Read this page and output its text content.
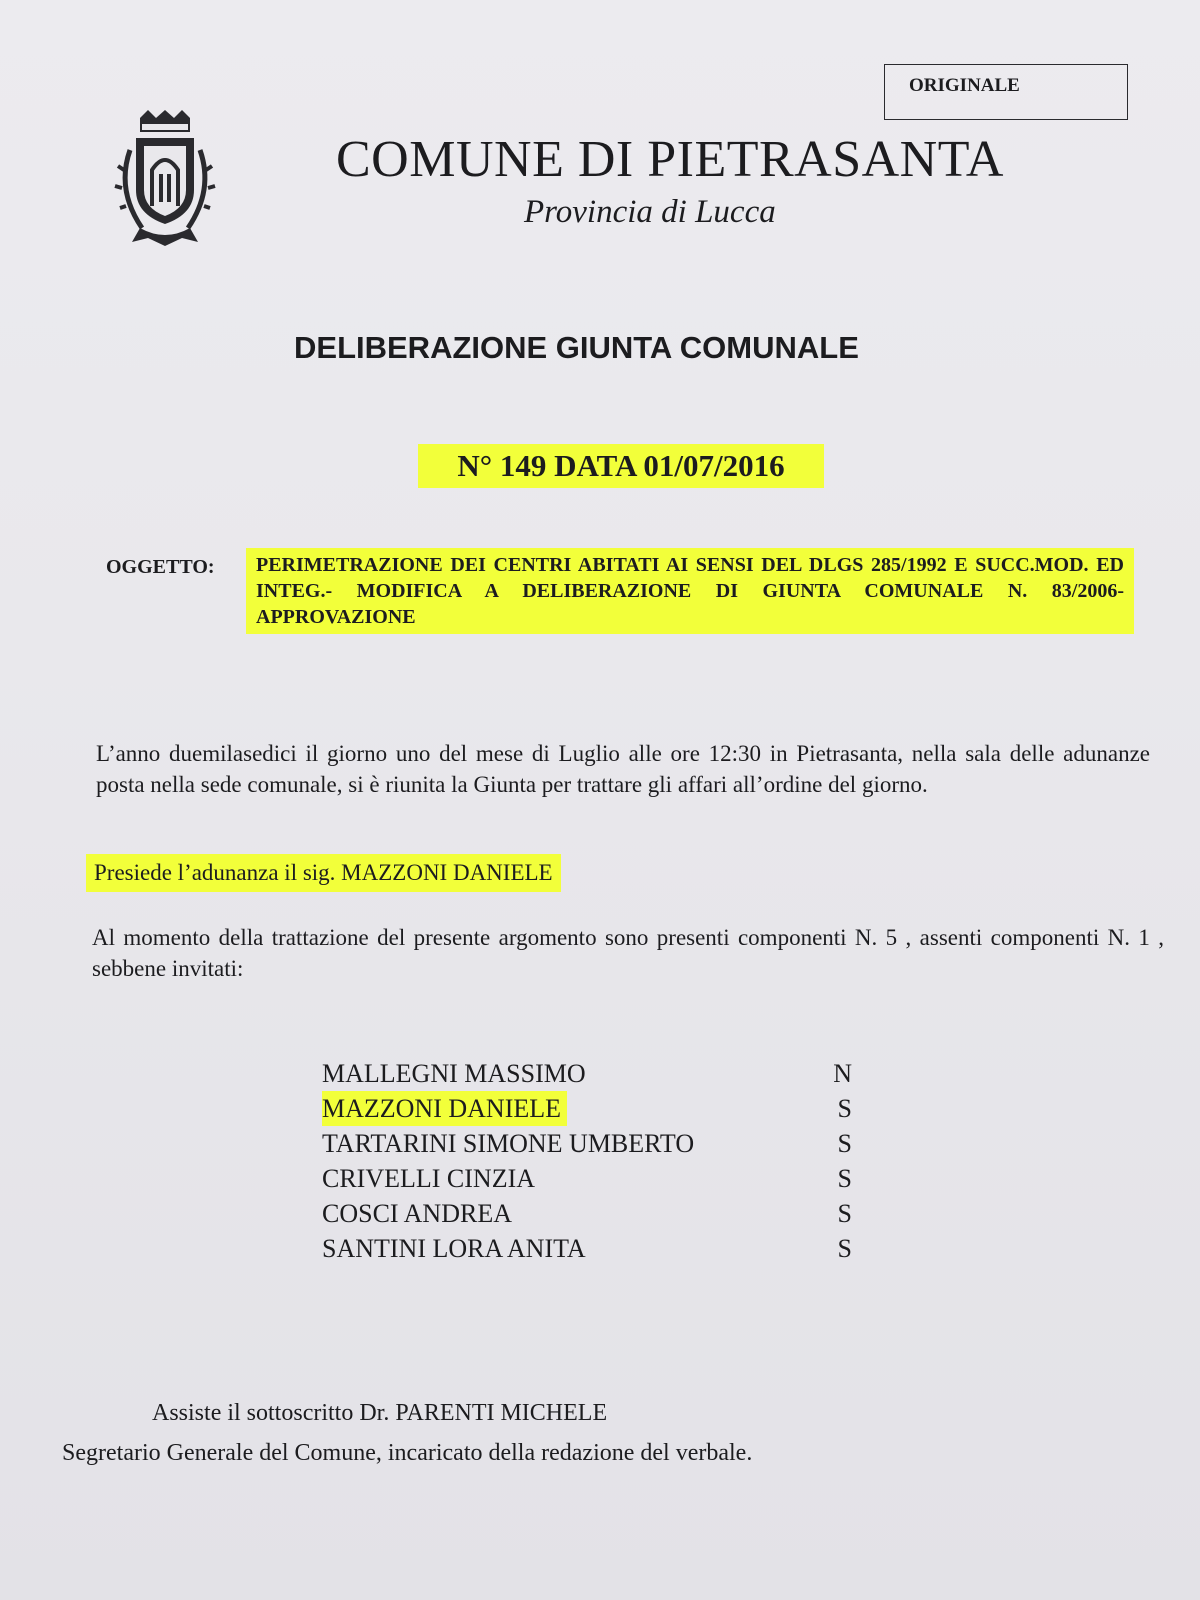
ORIGINALE
COMUNE DI PIETRASANTA
Provincia di Lucca
DELIBERAZIONE GIUNTA COMUNALE
N° 149 DATA 01/07/2016
OGGETTO:	PERIMETRAZIONE DEI CENTRI ABITATI AI SENSI DEL DLGS 285/1992 E SUCC.MOD. ED INTEG.- MODIFICA A DELIBERAZIONE DI GIUNTA COMUNALE N. 83/2006- APPROVAZIONE
L’anno duemilasedici il giorno uno del mese di Luglio alle ore 12:30 in Pietrasanta, nella sala delle adunanze posta nella sede comunale, si è riunita la Giunta per trattare gli affari all’ordine del giorno.
Presiede l’adunanza il sig. MAZZONI DANIELE
Al momento della trattazione del presente argomento sono presenti componenti N. 5 , assenti componenti N. 1 , sebbene invitati:
MALLEGNI MASSIMO	N
MAZZONI DANIELE	S
TARTARINI SIMONE UMBERTO	S
CRIVELLI CINZIA	S
COSCI ANDREA	S
SANTINI LORA ANITA	S
Assiste il sottoscritto Dr. PARENTI MICHELE
Segretario Generale del Comune, incaricato della redazione del verbale.
